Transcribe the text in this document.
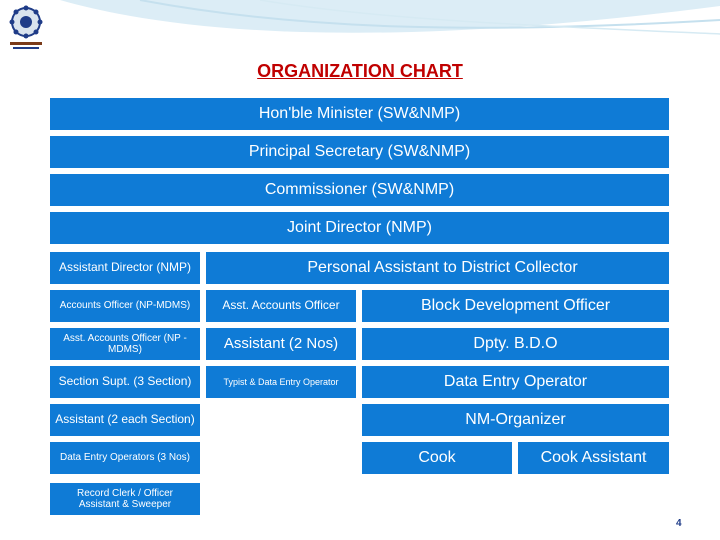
ORGANIZATION CHART
Hon'ble Minister (SW&NMP)
Principal Secretary (SW&NMP)
Commissioner (SW&NMP)
Joint Director (NMP)
Assistant Director (NMP)
Accounts Officer (NP-MDMS)
Asst. Accounts Officer (NP - MDMS)
Section Supt. (3 Section)
Assistant (2 each Section)
Data Entry Operators (3 Nos)
Record Clerk / Officer Assistant & Sweeper
Personal Assistant to District Collector
Asst. Accounts Officer
Assistant (2 Nos)
Typist & Data Entry Operator
Block Development Officer
Dpty. B.D.O
Data Entry Operator
NM-Organizer
Cook	Cook Assistant
4
